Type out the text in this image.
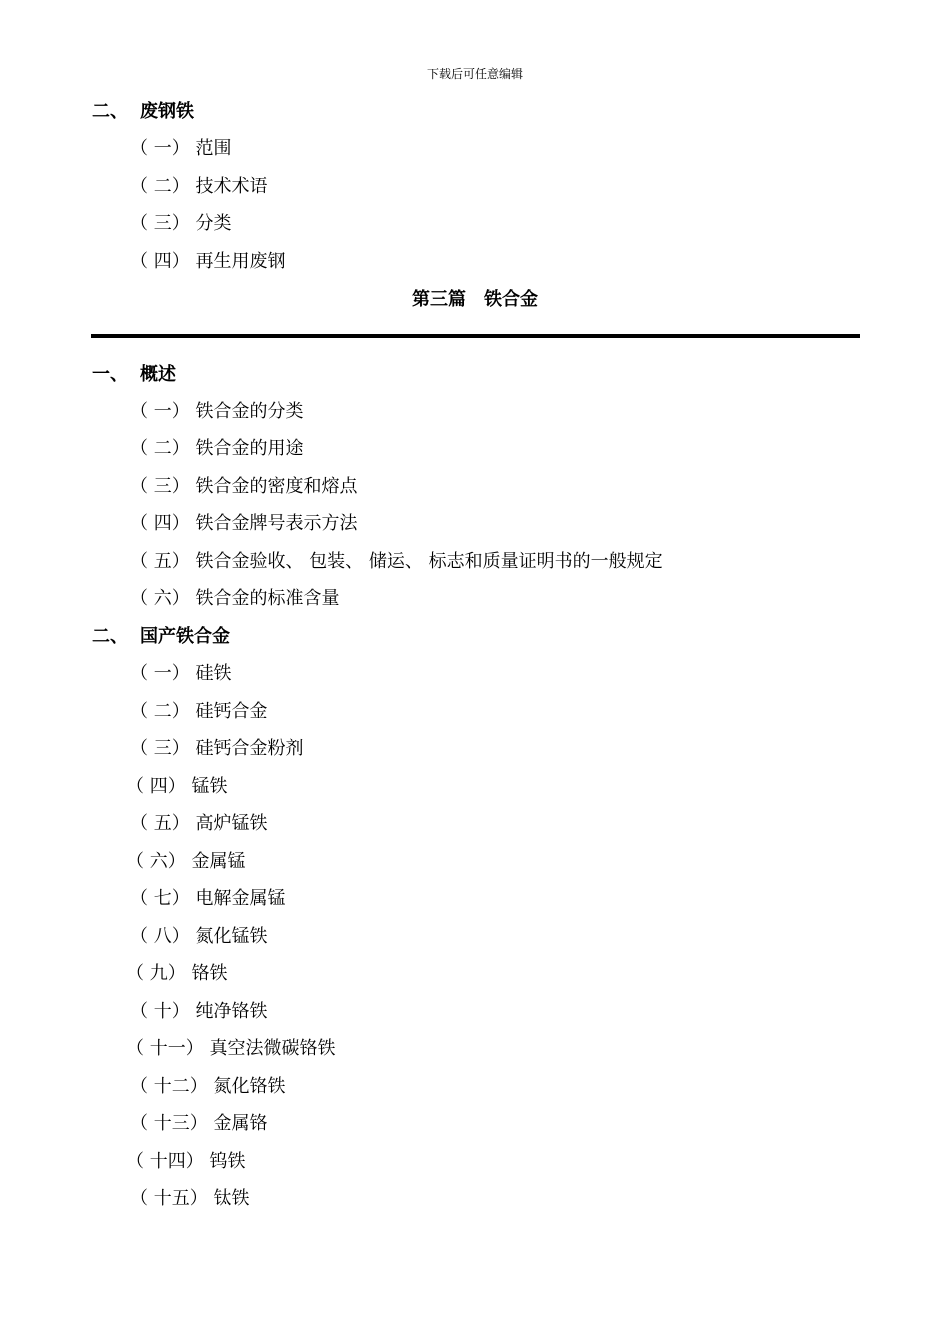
下载后可任意编辑
二、 废钢铁
（ 一） 范围
（ 二） 技术术语
（ 三） 分类
（ 四） 再生用废钢
第三篇　铁合金
一、 概述
（ 一） 铁合金的分类
（ 二） 铁合金的用途
（ 三） 铁合金的密度和熔点
（ 四） 铁合金牌号表示方法
（ 五） 铁合金验收、 包装、 储运、 标志和质量证明书的一般规定
（ 六） 铁合金的标准含量
二、 国产铁合金
（ 一） 硅铁
（ 二） 硅钙合金
（ 三） 硅钙合金粉剂
（ 四） 锰铁
（ 五） 高炉锰铁
（ 六） 金属锰
（ 七） 电解金属锰
（ 八） 氮化锰铁
（ 九） 铬铁
（ 十） 纯净铬铁
（ 十一） 真空法微碳铬铁
（ 十二） 氮化铬铁
（ 十三） 金属铬
（ 十四） 钨铁
（ 十五） 钛铁
